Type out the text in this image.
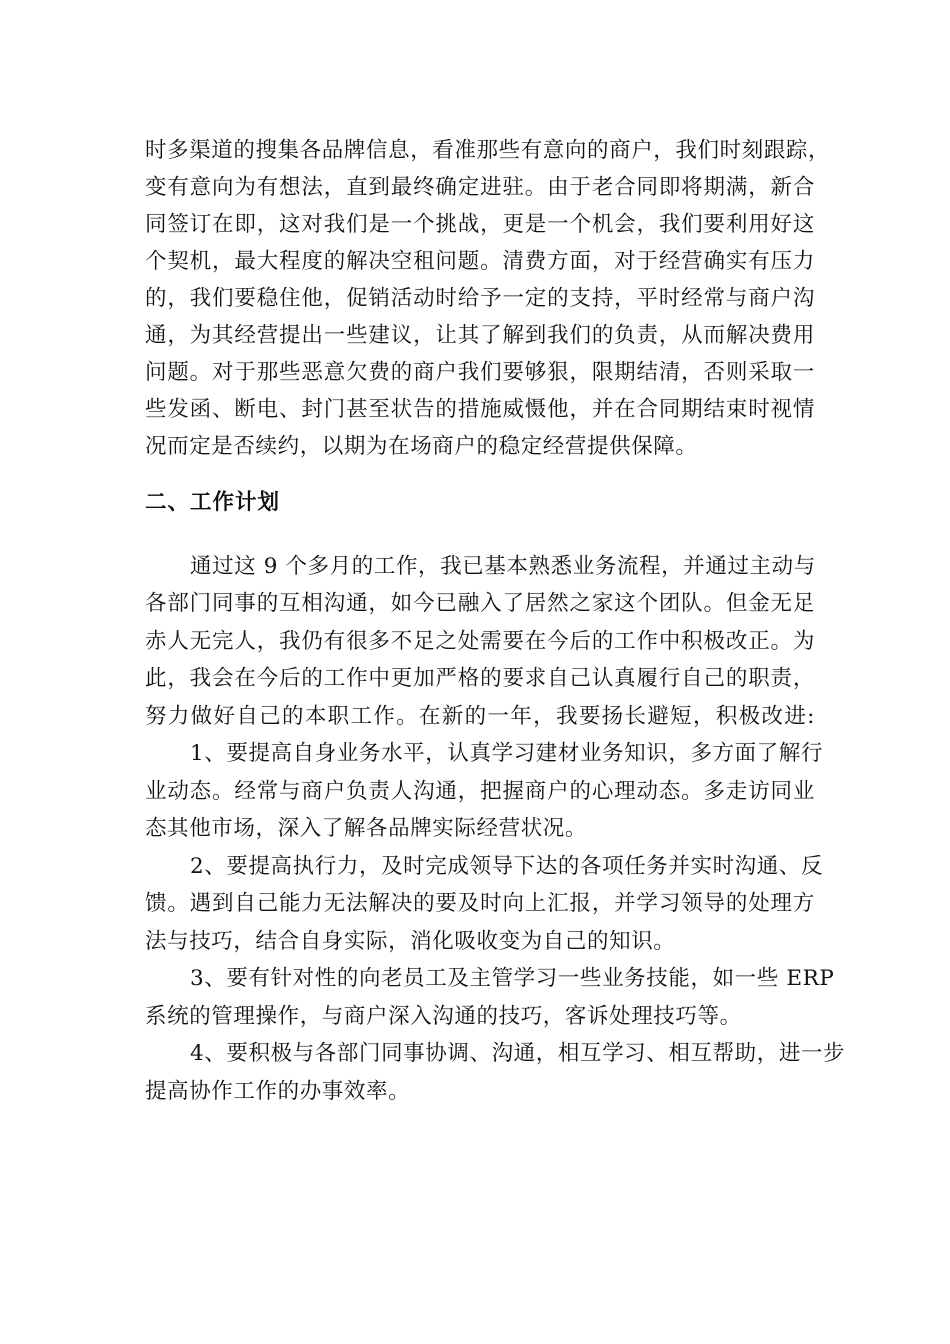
时多渠道的搜集各品牌信息，看准那些有意向的商户，我们时刻跟踪，
变有意向为有想法，直到最终确定进驻。由于老合同即将期满，新合
同签订在即，这对我们是一个挑战，更是一个机会，我们要利用好这
个契机，最大程度的解决空租问题。清费方面，对于经营确实有压力
的，我们要稳住他，促销活动时给予一定的支持，平时经常与商户沟
通，为其经营提出一些建议，让其了解到我们的负责，从而解决费用
问题。对于那些恶意欠费的商户我们要够狠，限期结清，否则采取一
些发函、断电、封门甚至状告的措施威慑他，并在合同期结束时视情
况而定是否续约，以期为在场商户的稳定经营提供保障。
二、工作计划
通过这 9 个多月的工作，我已基本熟悉业务流程，并通过主动与
各部门同事的互相沟通，如今已融入了居然之家这个团队。但金无足
赤人无完人，我仍有很多不足之处需要在今后的工作中积极改正。为
此，我会在今后的工作中更加严格的要求自己认真履行自己的职责，
努力做好自己的本职工作。在新的一年，我要扬长避短，积极改进:
1、要提高自身业务水平，认真学习建材业务知识，多方面了解行
业动态。经常与商户负责人沟通，把握商户的心理动态。多走访同业
态其他市场，深入了解各品牌实际经营状况。
2、要提高执行力，及时完成领导下达的各项任务并实时沟通、反
馈。遇到自己能力无法解决的要及时向上汇报，并学习领导的处理方
法与技巧，结合自身实际，消化吸收变为自己的知识。
3、要有针对性的向老员工及主管学习一些业务技能，如一些 ERP
系统的管理操作，与商户深入沟通的技巧，客诉处理技巧等。
4、要积极与各部门同事协调、沟通，相互学习、相互帮助，进一步
提高协作工作的办事效率。
